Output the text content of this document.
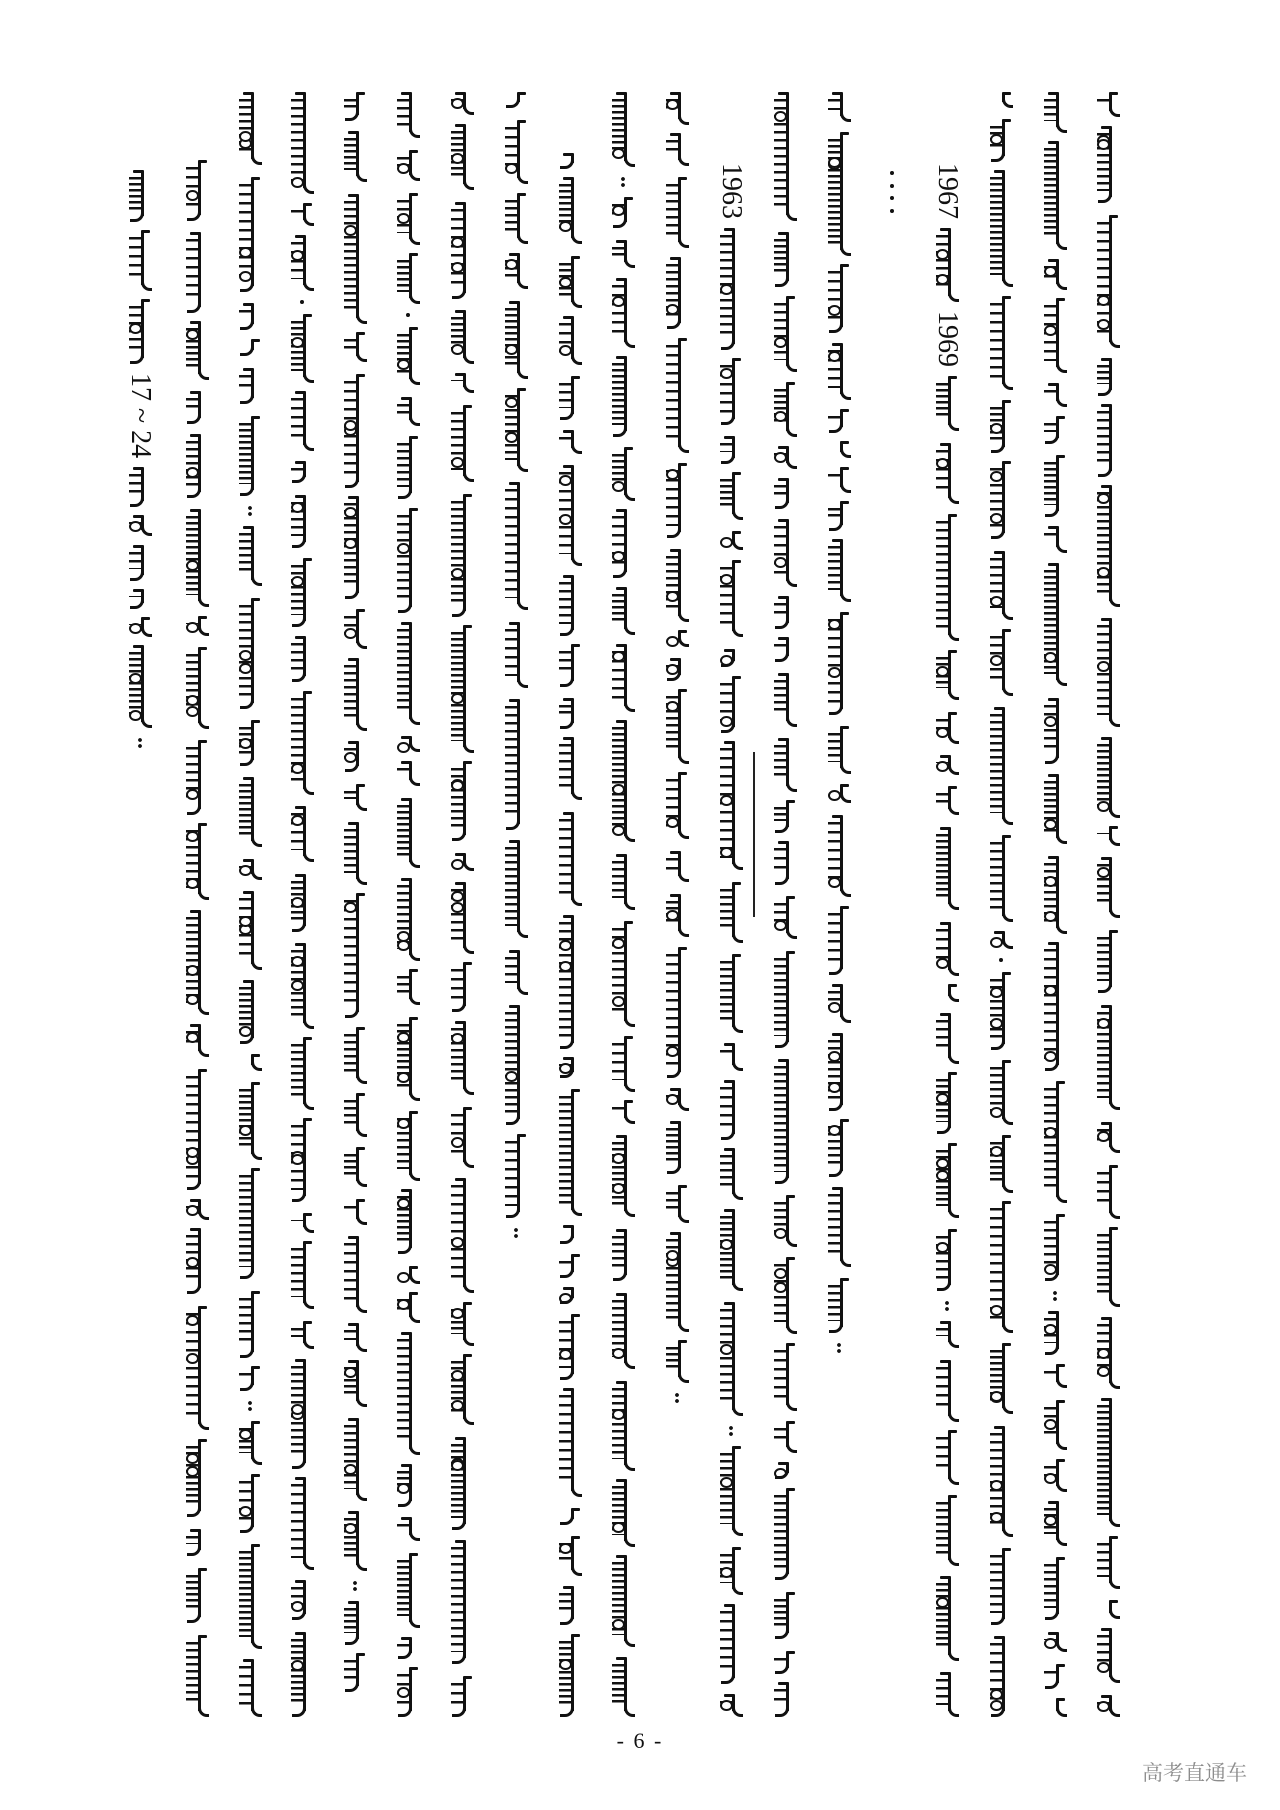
17 ~ 24
1963	1967
1969
- 6 -
高考直通车
